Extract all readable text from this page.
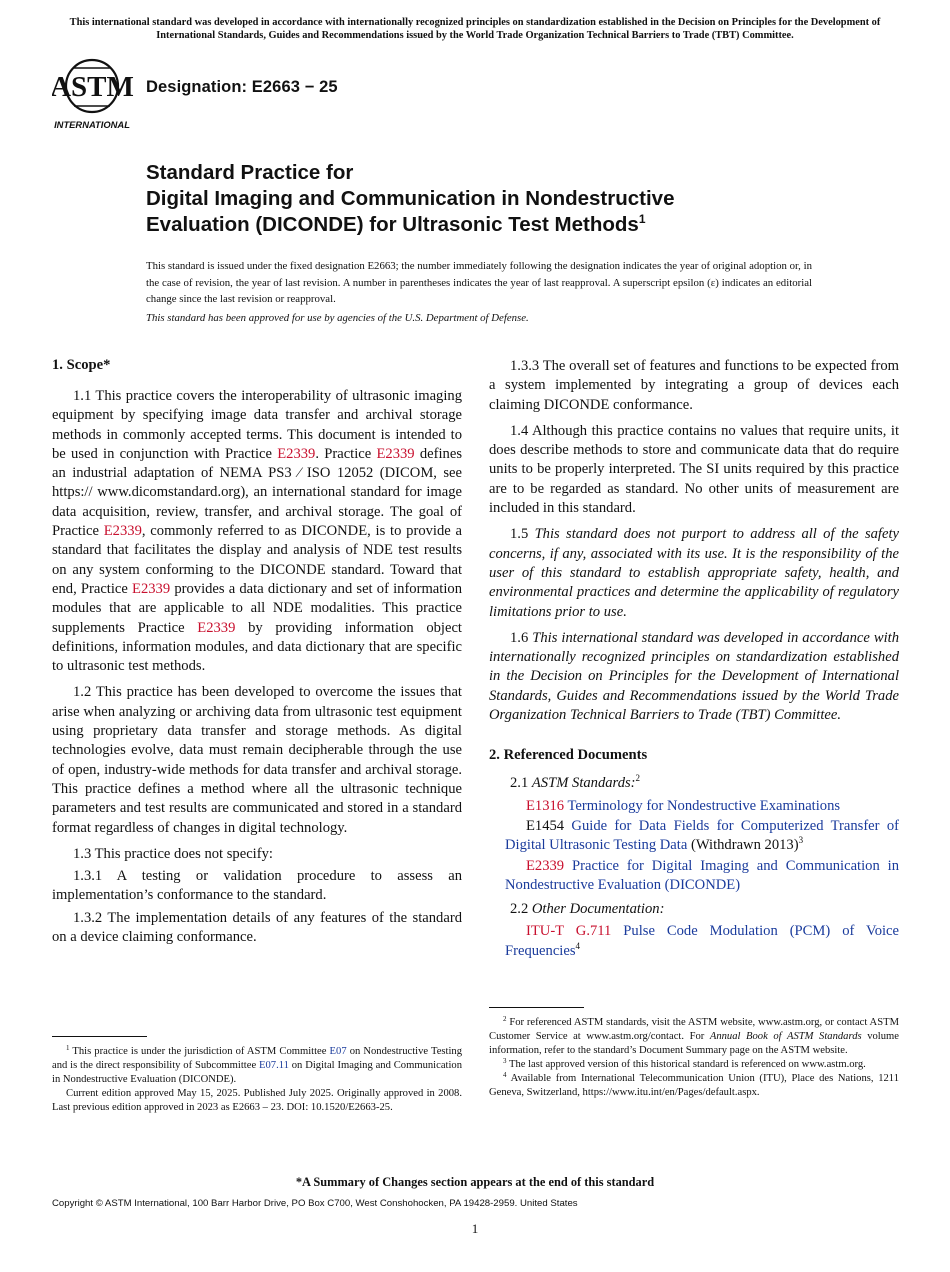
This international standard was developed in accordance with internationally recognized principles on standardization established in the Decision on Principles for the Development of International Standards, Guides and Recommendations issued by the World Trade Organization Technical Barriers to Trade (TBT) Committee.
ASTM
INTERNATIONAL
Designation: E2663 − 25
Standard Practice for
Digital Imaging and Communication in Nondestructive
Evaluation (DICONDE) for Ultrasonic Test Methods$^1$
This standard is issued under the fixed designation E2663; the number immediately following the designation indicates the year of original adoption or, in the case of revision, the year of last revision. A number in parentheses indicates the year of last reapproval. A superscript epsilon (ε) indicates an editorial change since the last revision or reapproval.
This standard has been approved for use by agencies of the U.S. Department of Defense.
1. Scope*

1.1 This practice covers the interoperability of ultrasonic imaging equipment by specifying image data transfer and archival storage methods in commonly accepted terms. This document is intended to be used in conjunction with Practice E2339. Practice E2339 defines an industrial adaptation of NEMA PS3 ⁄ ISO 12052 (DICOM, see https:// www.dicomstandard.org), an international standard for image data acquisition, review, transfer, and archival storage. The goal of Practice E2339, commonly referred to as DICONDE, is to provide a standard that facilitates the display and analysis of NDE test results on any system conforming to the DICONDE standard. Toward that end, Practice E2339 provides a data dictionary and set of information modules that are applicable to all NDE modalities. This practice supplements Practice E2339 by providing information object definitions, information modules, and data dictionary that are specific to ultrasonic test methods.

1.2 This practice has been developed to overcome the issues that arise when analyzing or archiving data from ultrasonic test equipment using proprietary data transfer and storage methods. As digital technologies evolve, data must remain decipherable through the use of open, industry-wide methods for data transfer and archival storage. This practice defines a method where all the ultrasonic technique parameters and test results are communicated and stored in a standard format regardless of changes in digital technology.

1.3 This practice does not specify:

1.3.1 A testing or validation procedure to assess an implementation’s conformance to the standard.

1.3.2 The implementation details of any features of the standard on a device claiming conformance.

1.3.3 The overall set of features and functions to be expected from a system implemented by integrating a group of devices each claiming DICONDE conformance.

1.4 Although this practice contains no values that require units, it does describe methods to store and communicate data that do require units to be properly interpreted. The SI units required by this practice are to be regarded as standard. No other units of measurement are included in this standard.

1.5 This standard does not purport to address all of the safety concerns, if any, associated with its use. It is the responsibility of the user of this standard to establish appropriate safety, health, and environmental practices and determine the applicability of regulatory limitations prior to use.

1.6 This international standard was developed in accordance with internationally recognized principles on standardization established in the Decision on Principles for the Development of International Standards, Guides and Recommendations issued by the World Trade Organization Technical Barriers to Trade (TBT) Committee.

2. Referenced Documents

2.1 ASTM Standards:$^2$

E1316 Terminology for Nondestructive Examinations

E1454 Guide for Data Fields for Computerized Transfer of Digital Ultrasonic Testing Data (Withdrawn 2013)$^3$

E2339 Practice for Digital Imaging and Communication in Nondestructive Evaluation (DICONDE)

2.2 Other Documentation:

ITU-T G.711 Pulse Code Modulation (PCM) of Voice Frequencies$^4$

$^1$ This practice is under the jurisdiction of ASTM Committee E07 on Nondestructive Testing and is the direct responsibility of Subcommittee E07.11 on Digital Imaging and Communication in Nondestructive Evaluation (DICONDE).

Current edition approved May 15, 2025. Published July 2025. Originally approved in 2008. Last previous edition approved in 2023 as E2663 – 23. DOI: 10.1520/E2663-25.

$^2$ For referenced ASTM standards, visit the ASTM website, www.astm.org, or contact ASTM Customer Service at www.astm.org/contact. For Annual Book of ASTM Standards volume information, refer to the standard’s Document Summary page on the ASTM website.

$^3$ The last approved version of this historical standard is referenced on www.astm.org.

$^4$ Available from International Telecommunication Union (ITU), Place des Nations, 1211 Geneva, Switzerland, https://www.itu.int/en/Pages/default.aspx.

*A Summary of Changes section appears at the end of this standard
Copyright © ASTM International, 100 Barr Harbor Drive, PO Box C700, West Conshohocken, PA 19428-2959. United States
1
